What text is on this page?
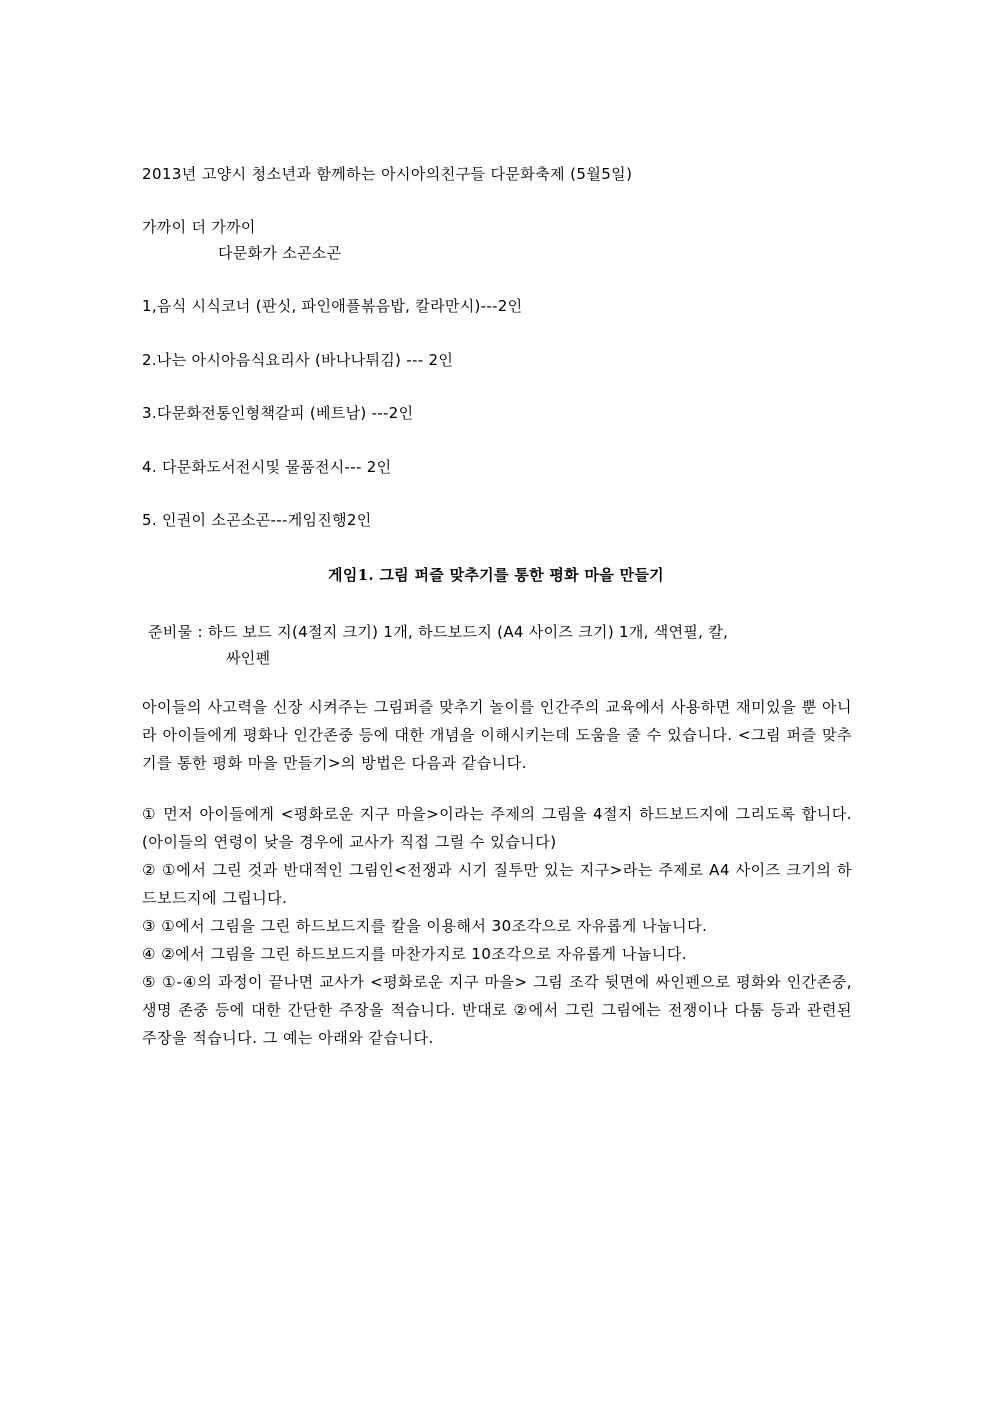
2013년 고양시 청소년과 함께하는 아시아의친구들 다문화축제 (5월5일)
가까이 더 가까이
다문화가 소곤소곤
1,음식 시식코너 (판싯, 파인애플볶음밥, 칼라만시)---2인
2.나는 아시아음식요리사 (바나나튀김) --- 2인
3.다문화전통인형책갈피 (베트남) ---2인
4. 다문화도서전시및 물품전시--- 2인
5. 인권이 소곤소곤---게임진행2인
게임1. 그림 퍼즐 맞추기를 통한 평화 마을 만들기
준비물 : 하드 보드 지(4절지 크기) 1개, 하드보드지 (A4 사이즈 크기) 1개, 색연필, 칼,
싸인펜
아이들의 사고력을 신장 시켜주는 그림퍼즐 맞추기 놀이를 인간주의 교육에서 사용하면 재미있을 뿐 아니라 아이들에게 평화나 인간존중 등에 대한 개념을 이해시키는데 도움을 줄 수 있습니다. <그림 퍼즐 맞추기를 통한 평화 마을 만들기>의 방법은 다음과 같습니다.
① 먼저 아이들에게 <평화로운 지구 마을>이라는 주제의 그림을 4절지 하드보드지에 그리도록 합니다. (아이들의 연령이 낮을 경우에 교사가 직접 그릴 수 있습니다)
② ①에서 그린 것과 반대적인 그림인<전쟁과 시기 질투만 있는 지구>라는 주제로 A4 사이즈 크기의 하드보드지에 그립니다.
③ ①에서 그림을 그린 하드보드지를 칼을 이용해서 30조각으로 자유롭게 나눕니다.
④ ②에서 그림을 그린 하드보드지를 마찬가지로 10조각으로 자유롭게 나눕니다.
⑤ ①-④의 과정이 끝나면 교사가 <평화로운 지구 마을> 그림 조각 뒷면에 싸인펜으로 평화와 인간존중, 생명 존중 등에 대한 간단한 주장을 적습니다. 반대로 ②에서 그린 그림에는 전쟁이나 다툼 등과 관련된 주장을 적습니다. 그 예는 아래와 같습니다.
